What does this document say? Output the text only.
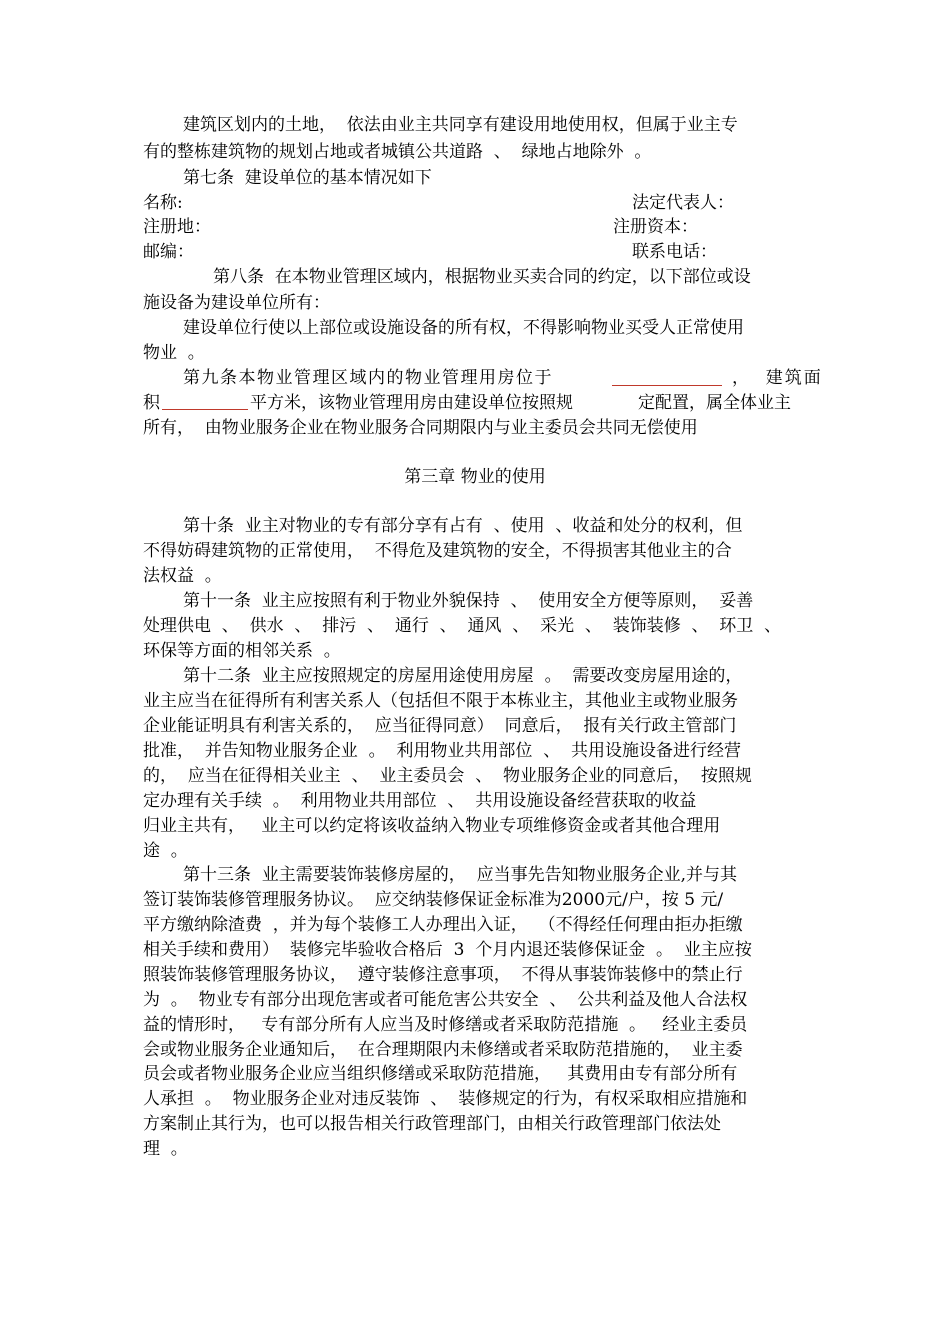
建筑区划内的土地，  依法由业主共同享有建设用地使用权，但属于业主专
有的整栋建筑物的规划占地或者城镇公共道路  、  绿地占地除外  。
第七条  建设单位的基本情况如下
名称:	法定代表人：
注册地：	注册资本：
邮编：	联系电话：
第八条  在本物业管理区域内，根据物业买卖合同的约定，以下部位或设
施设备为建设单位所有：
建设单位行使以上部位或设施设备的所有权，不得影响物业买受人正常使用
物业  。
第九条本物业管理区域内的物业管理用房位于	，  建筑面
积	平方米，该物业管理用房由建设单位按照规	定配置，属全体业主
所有，  由物业服务企业在物业服务合同期限内与业主委员会共同无偿使用
第三章 物业的使用
第十条  业主对物业的专有部分享有占有  、使用  、收益和处分的权利，但
不得妨碍建筑物的正常使用，  不得危及建筑物的安全，不得损害其他业主的合
法权益  。
第十一条  业主应按照有利于物业外貌保持  、  使用安全方便等原则，  妥善
处理供电  、  供水  、  排污  、  通行  、  通风  、  采光  、  装饰装修  、  环卫  、
环保等方面的相邻关系  。
第十二条  业主应按照规定的房屋用途使用房屋  。  需要改变房屋用途的，
业主应当在征得所有利害关系人（包括但不限于本栋业主，其他业主或物业服务
企业能证明具有利害关系的，  应当征得同意）  同意后，  报有关行政主管部门
批准，  并告知物业服务企业  。  利用物业共用部位  、  共用设施设备进行经营
的，  应当在征得相关业主  、  业主委员会  、  物业服务企业的同意后，  按照规
定办理有关手续  。  利用物业共用部位  、  共用设施设备经营获取的收益
归业主共有，   业主可以约定将该收益纳入物业专项维修资金或者其他合理用
途  。
第十三条  业主需要装饰装修房屋的，  应当事先告知物业服务企业,并与其
签订装饰装修管理服务协议。  应交纳装修保证金标准为2000元/户，按 5 元/
平方缴纳除渣费  ，并为每个装修工人办理出入证，  （不得经任何理由拒办拒缴
相关手续和费用）  装修完毕验收合格后  3  个月内退还装修保证金  。  业主应按
照装饰装修管理服务协议，  遵守装修注意事项，  不得从事装饰装修中的禁止行
为  。  物业专有部分出现危害或者可能危害公共安全  、  公共利益及他人合法权
益的情形时，   专有部分所有人应当及时修缮或者采取防范措施  。   经业主委员
会或物业服务企业通知后，  在合理期限内未修缮或者采取防范措施的，  业主委
员会或者物业服务企业应当组织修缮或采取防范措施，   其费用由专有部分所有
人承担  。  物业服务企业对违反装饰  、  装修规定的行为，有权采取相应措施和
方案制止其行为，也可以报告相关行政管理部门，由相关行政管理部门依法处
理  。
